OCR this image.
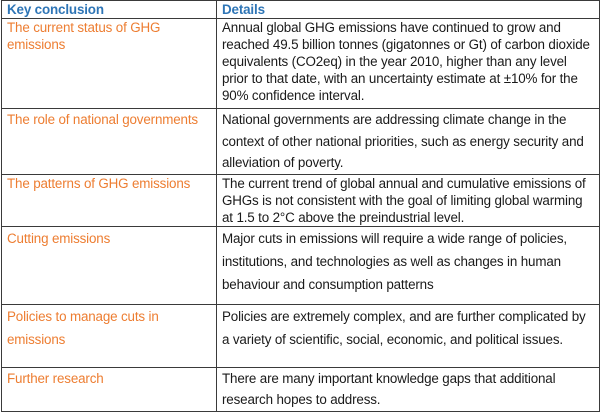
Key conclusion	Details
The current status of GHG emissions	Annual global GHG emissions have continued to grow and reached 49.5 billion tonnes (gigatonnes or Gt) of carbon dioxide equivalents (CO2eq) in the year 2010, higher than any level prior to that date, with an uncertainty estimate at ±10% for the 90% confidence interval.
The role of national governments	National governments are addressing climate change in the context of other national priorities, such as energy security and alleviation of poverty.
The patterns of GHG emissions	The current trend of global annual and cumulative emissions of GHGs is not consistent with the goal of limiting global warming at 1.5 to 2°C above the preindustrial level.
Cutting emissions	Major cuts in emissions will require a wide range of policies, institutions, and technologies as well as changes in human behaviour and consumption patterns
Policies to manage cuts in emissions	Policies are extremely complex, and are further complicated by a variety of scientific, social, economic, and political issues.
Further research	There are many important knowledge gaps that additional research hopes to address.
